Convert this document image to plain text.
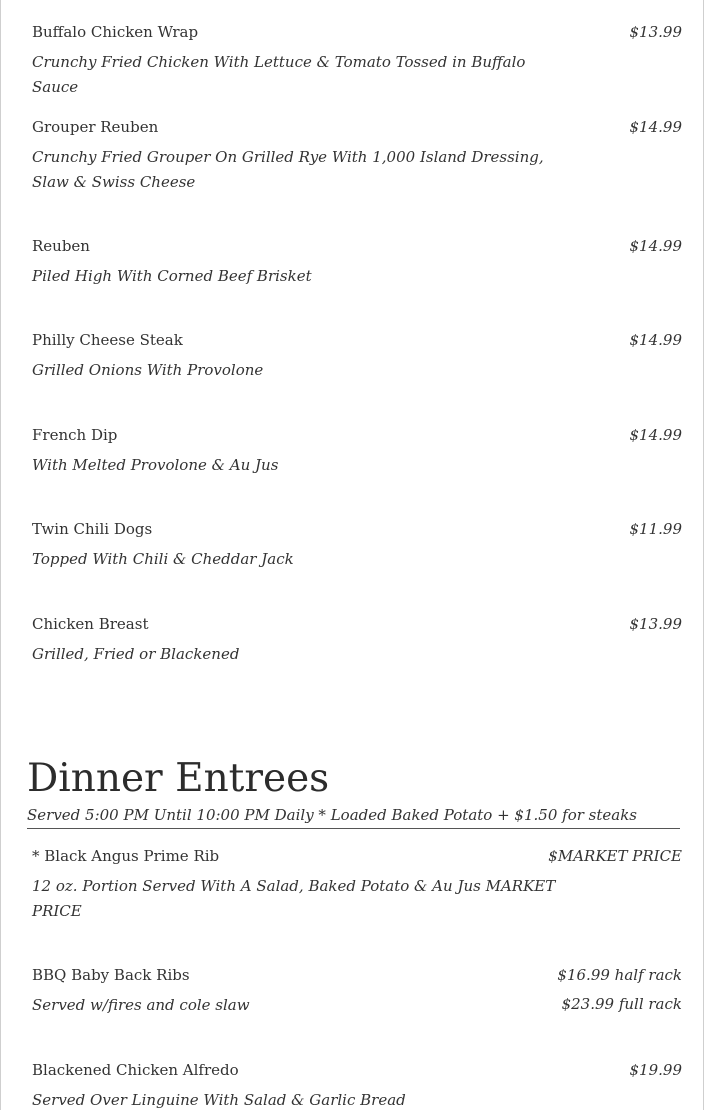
Buffalo Chicken Wrap	$13.99
Crunchy Fried Chicken With Lettuce & Tomato Tossed in Buffalo Sauce
Grouper Reuben	$14.99
Crunchy Fried Grouper On Grilled Rye With 1,000 Island Dressing, Slaw & Swiss Cheese
Reuben	$14.99
Piled High With Corned Beef Brisket
Philly Cheese Steak	$14.99
Grilled Onions With Provolone
French Dip	$14.99
With Melted Provolone & Au Jus
Twin Chili Dogs	$11.99
Topped With Chili & Cheddar Jack
Chicken Breast	$13.99
Grilled, Fried or Blackened
Dinner Entrees
Served 5:00 PM Until 10:00 PM Daily * Loaded Baked Potato + $1.50 for steaks
* Black Angus Prime Rib	$MARKET PRICE
12 oz. Portion Served With A Salad, Baked Potato & Au Jus MARKET PRICE
BBQ Baby Back Ribs	$16.99 half rack
$23.99 full rack
Served w/fires and cole slaw
Blackened Chicken Alfredo	$19.99
Served Over Linguine With Salad & Garlic Bread
